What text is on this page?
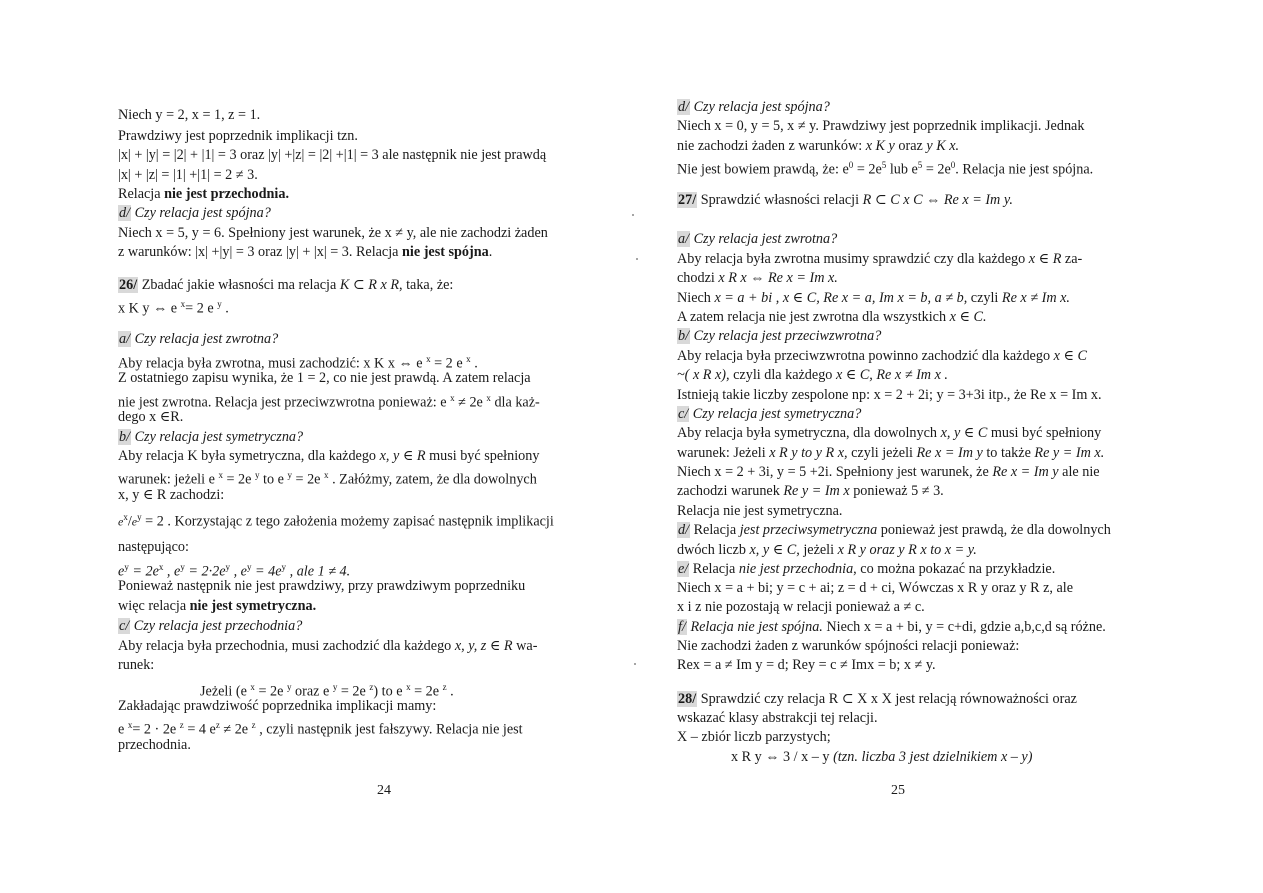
Niech y = 2, x = 1, z = 1.
Prawdziwy jest poprzednik implikacji tzn.
|x| + |y| = |2| + |1| = 3 oraz |y| +|z| = |2| +|1| = 3 ale następnik nie jest prawdą
|x| + |z| = |1| +|1| = 2 ≠ 3.
Relacja nie jest przechodnia.
d/ Czy relacja jest spójna?
Niech x = 5, y = 6. Spełniony jest warunek, że x ≠ y, ale nie zachodzi żaden
z warunków: |x| +|y| = 3 oraz |y| + |x| = 3. Relacja nie jest spójna.
26/ Zbadać jakie własności ma relacja K ⊂ R x R, taka, że:
x K y ⇔ e $^x$= 2 e $^y$ .
a/ Czy relacja jest zwrotna?
Aby relacja była zwrotna, musi zachodzić: x K x ⇔ e $^x$ = 2 e $^x$ .
Z ostatniego zapisu wynika, że 1 = 2, co nie jest prawdą. A zatem relacja
nie jest zwrotna. Relacja jest przeciwzwrotna ponieważ: e $^x$ ≠ 2e $^x$ dla każ-
dego x ∈R.
b/ Czy relacja jest symetryczna?
Aby relacja K była symetryczna, dla każdego x, y ∈ R musi być spełniony
warunek: jeżeli e $^x$ = 2e $^y$ to e $^y$ = 2e $^x$ . Załóżmy, zatem, że dla dowolnych
x, y ∈ R zachodzi:
$e^x/e^y = 2$ . Korzystając z tego założenia możemy zapisać następnik implikacji
następująco:
$e^y = 2e^x$ , $e^y = 2\cdot 2e^y$ , $e^y = 4e^y$ , ale 1 ≠ 4.
Ponieważ następnik nie jest prawdziwy, przy prawdziwym poprzedniku
więc relacja nie jest symetryczna.
c/ Czy relacja jest przechodnia?
Aby relacja była przechodnia, musi zachodzić dla każdego x, y, z ∈ R wa-
runek:
Jeżeli (e $^x$ = 2e $^y$ oraz e $^y$ = 2e $^z$) to e $^x$ = 2e $^z$ .
Zakładając prawdziwość poprzednika implikacji mamy:
e $^x$= 2 · 2e $^z$ = 4 $e^z \ne 2e$ $^z$ , czyli następnik jest fałszywy. Relacja nie jest
przechodnia.
24
d/ Czy relacja jest spójna?
Niech x = 0, y = 5, x ≠ y. Prawdziwy jest poprzednik implikacji. Jednak
nie zachodzi żaden z warunków: x K y oraz y K x.
Nie jest bowiem prawdą, że: $e^0 = 2e^5$ lub $e^5 = 2e^0$. Relacja nie jest spójna.
27/ Sprawdzić własności relacji R ⊂ C x C ⇔ Re x = Im y.
a/ Czy relacja jest zwrotna?
Aby relacja była zwrotna musimy sprawdzić czy dla każdego x ∈ R za-
chodzi x R x ⇔ Re x = Im x.
Niech x = a + bi , x ∈ C, Re x = a, Im x = b, a ≠ b, czyli Re x ≠ Im x.
A zatem relacja nie jest zwrotna dla wszystkich x ∈ C.
b/ Czy relacja jest przeciwzwrotna?
Aby relacja była przeciwzwrotna powinno zachodzić dla każdego x ∈ C
~( x R x), czyli dla każdego x ∈ C, Re x ≠ Im x .
Istnieją takie liczby zespolone np: x = 2 + 2i; y = 3+3i itp., że Re x = Im x.
c/ Czy relacja jest symetryczna?
Aby relacja była symetryczna, dla dowolnych x, y ∈ C musi być spełniony
warunek: Jeżeli x R y to y R x, czyli jeżeli Re x = Im y to także Re y = Im x.
Niech x = 2 + 3i, y = 5 +2i. Spełniony jest warunek, że Re x = Im y ale nie
zachodzi warunek Re y = Im x ponieważ 5 ≠ 3.
Relacja nie jest symetryczna.
d/ Relacja jest przeciwsymetryczna ponieważ jest prawdą, że dla dowolnych
dwóch liczb x, y ∈ C, jeżeli x R y oraz y R x to x = y.
e/ Relacja nie jest przechodnia, co można pokazać na przykładzie.
Niech x = a + bi; y = c + ai; z = d + ci, Wówczas x R y oraz y R z, ale
x i z nie pozostają w relacji ponieważ a ≠ c.
f/ Relacja nie jest spójna. Niech x = a + bi, y = c+di, gdzie a,b,c,d są różne.
Nie zachodzi żaden z warunków spójności relacji ponieważ:
Rex = a ≠ Im y = d; Rey = c ≠ Imx = b; x ≠ y.
28/ Sprawdzić czy relacja R ⊂ X x X jest relacją równoważności oraz
wskazać klasy abstrakcji tej relacji.
X – zbiór liczb parzystych;
x R y ⇔ 3 / x – y (tzn. liczba 3 jest dzielnikiem x – y)
25
